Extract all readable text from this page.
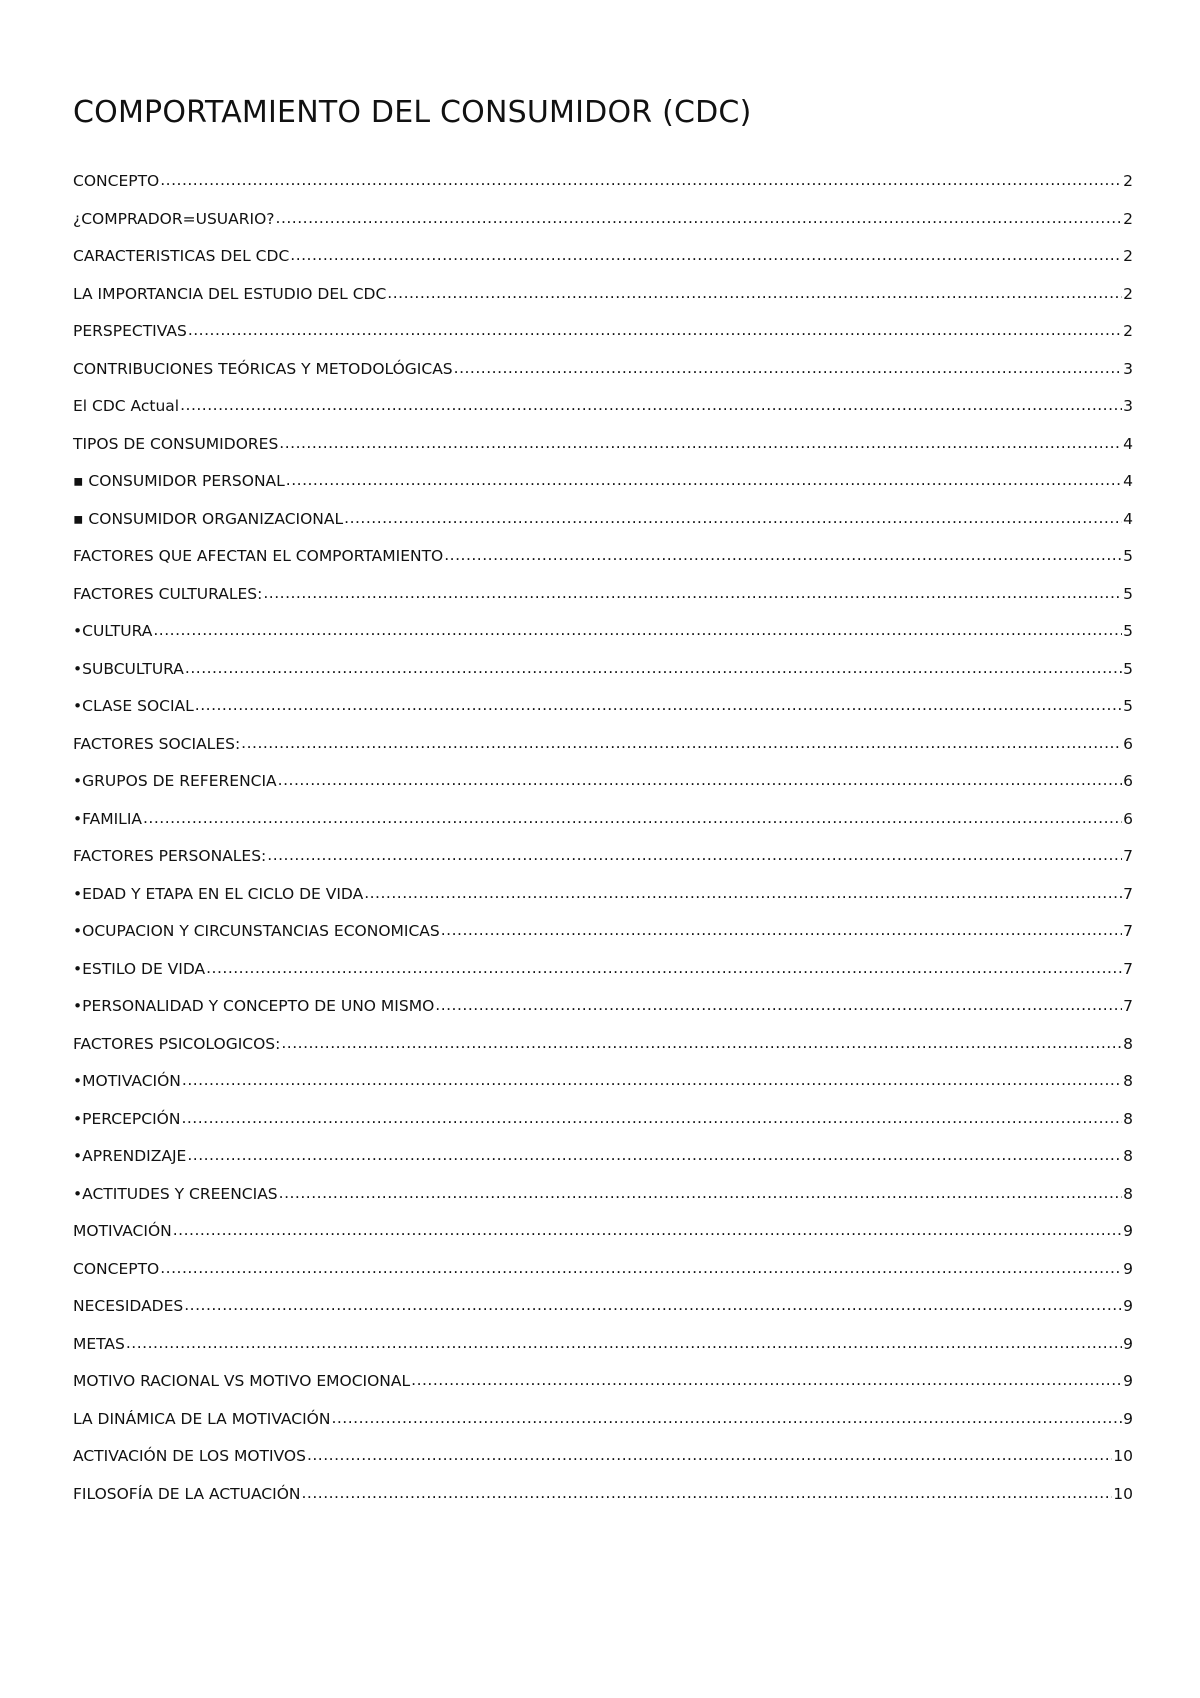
COMPORTAMIENTO DEL CONSUMIDOR (CDC)
CONCEPTO .....	2
¿COMPRADOR=USUARIO? .....	2
CARACTERISTICAS DEL CDC .....	2
LA IMPORTANCIA DEL ESTUDIO DEL CDC .....	2
PERSPECTIVAS .....	2
CONTRIBUCIONES TEÓRICAS Y METODOLÓGICAS .....	3
El CDC Actual .....	3
TIPOS DE CONSUMIDORES .....	4
▪ CONSUMIDOR PERSONAL .....	4
▪ CONSUMIDOR ORGANIZACIONAL .....	4
FACTORES QUE AFECTAN EL COMPORTAMIENTO .....	5
FACTORES CULTURALES: .....	5
•CULTURA .....	5
•SUBCULTURA .....	5
•CLASE SOCIAL .....	5
FACTORES SOCIALES: .....	6
•GRUPOS DE REFERENCIA .....	6
•FAMILIA .....	6
FACTORES PERSONALES: .....	7
•EDAD Y ETAPA EN EL CICLO DE VIDA .....	7
•OCUPACION Y CIRCUNSTANCIAS ECONOMICAS .....	7
•ESTILO DE VIDA .....	7
•PERSONALIDAD Y CONCEPTO DE UNO MISMO .....	7
FACTORES PSICOLOGICOS: .....	8
•MOTIVACIÓN .....	8
•PERCEPCIÓN .....	8
•APRENDIZAJE .....	8
•ACTITUDES Y CREENCIAS .....	8
MOTIVACIÓN .....	9
CONCEPTO .....	9
NECESIDADES .....	9
METAS .....	9
MOTIVO RACIONAL VS MOTIVO EMOCIONAL .....	9
LA DINÁMICA DE LA MOTIVACIÓN .....	9
ACTIVACIÓN DE LOS MOTIVOS .....	10
FILOSOFÍA DE LA ACTUACIÓN .....	10
